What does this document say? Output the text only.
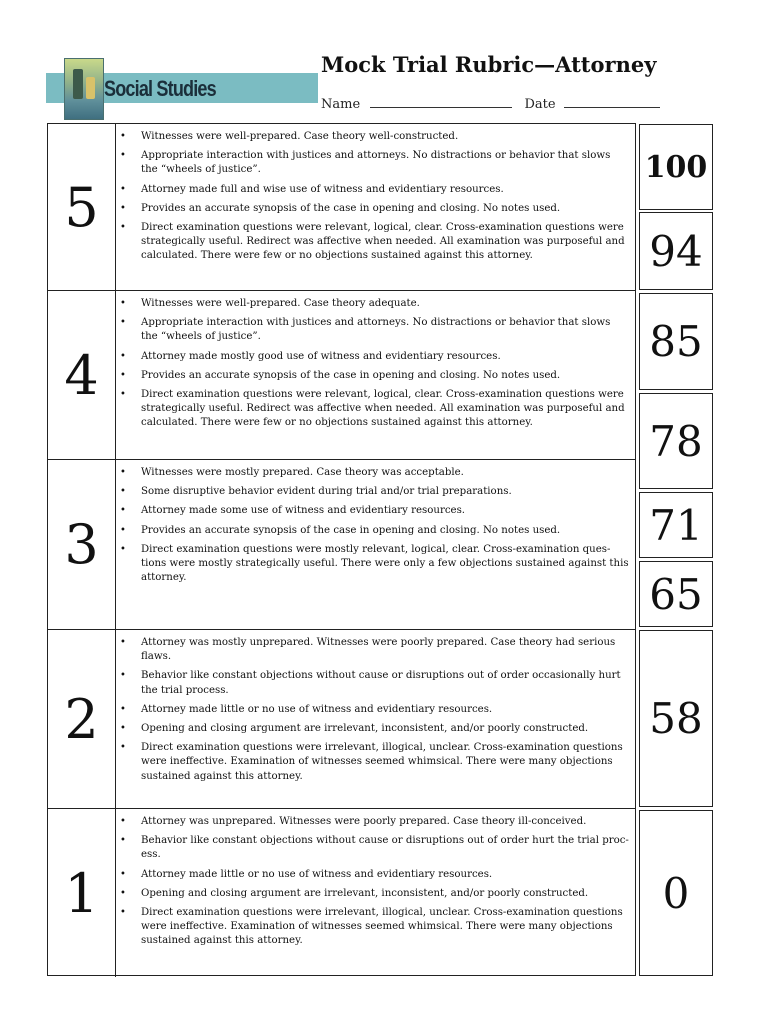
Social Studies
Mock Trial Rubric—Attorney
Name	Date
5
• Witnesses were well-prepared. Case theory well-constructed.
• Appropriate interaction with justices and attorneys. No distractions or behavior that slows the “wheels of justice”.
• Attorney made full and wise use of witness and evidentiary resources.
• Provides an accurate synopsis of the case in opening and closing. No notes used.
• Direct examination questions were relevant, logical, clear. Cross-examination questions were strategically useful. Redirect was affective when needed. All examination was purposeful and calculated. There were few or no objections sustained against this attorney.
4
• Witnesses were well-prepared. Case theory adequate.
• Appropriate interaction with justices and attorneys. No distractions or behavior that slows the “wheels of justice”.
• Attorney made mostly good use of witness and evidentiary resources.
• Provides an accurate synopsis of the case in opening and closing. No notes used.
• Direct examination questions were relevant, logical, clear. Cross-examination questions were strategically useful. Redirect was affective when needed. All examination was purposeful and calculated. There were few or no objections sustained against this attorney.
3
• Witnesses were mostly prepared. Case theory was acceptable.
• Some disruptive behavior evident during trial and/or trial preparations.
• Attorney made some use of witness and evidentiary resources.
• Provides an accurate synopsis of the case in opening and closing. No notes used.
• Direct examination questions were mostly relevant, logical, clear. Cross-examination ques-tions were mostly strategically useful. There were only a few objections sustained against this attorney.
2
• Attorney was mostly unprepared. Witnesses were poorly prepared. Case theory had serious flaws.
• Behavior like constant objections without cause or disruptions out of order occasionally hurt the trial process.
• Attorney made little or no use of witness and evidentiary resources.
• Opening and closing argument are irrelevant, inconsistent, and/or poorly constructed.
• Direct examination questions were irrelevant, illogical, unclear. Cross-examination questions were ineffective. Examination of witnesses seemed whimsical. There were many objections sustained against this attorney.
1
• Attorney was unprepared. Witnesses were poorly prepared. Case theory ill-conceived.
• Behavior like constant objections without cause or disruptions out of order hurt the trial proc-ess.
• Attorney made little or no use of witness and evidentiary resources.
• Opening and closing argument are irrelevant, inconsistent, and/or poorly constructed.
• Direct examination questions were irrelevant, illogical, unclear. Cross-examination questions were ineffective. Examination of witnesses seemed whimsical. There were many objections sustained against this attorney.
100
94
85
78
71
65
58
0
